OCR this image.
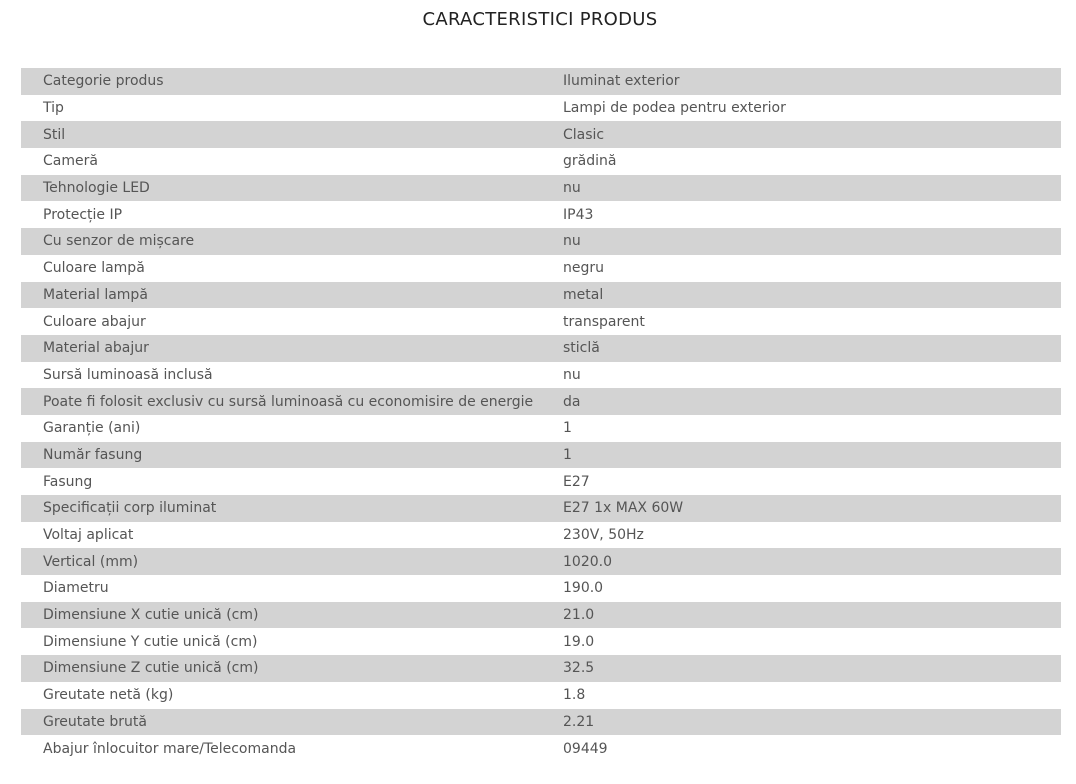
CARACTERISTICI PRODUS
Categorie produs	Iluminat exterior
Tip	Lampi de podea pentru exterior
Stil	Clasic
Cameră	grădină
Tehnologie LED	nu
Protecție IP	IP43
Cu senzor de mișcare	nu
Culoare lampă	negru
Material lampă	metal
Culoare abajur	transparent
Material abajur	sticlă
Sursă luminoasă inclusă	nu
Poate fi folosit exclusiv cu sursă luminoasă cu economisire de energie	da
Garanție (ani)	1
Număr fasung	1
Fasung	E27
Specificații corp iluminat	E27 1x MAX 60W
Voltaj aplicat	230V, 50Hz
Vertical (mm)	1020.0
Diametru	190.0
Dimensiune X cutie unică (cm)	21.0
Dimensiune Y cutie unică (cm)	19.0
Dimensiune Z cutie unică (cm)	32.5
Greutate netă (kg)	1.8
Greutate brută	2.21
Abajur înlocuitor mare/Telecomanda	09449
